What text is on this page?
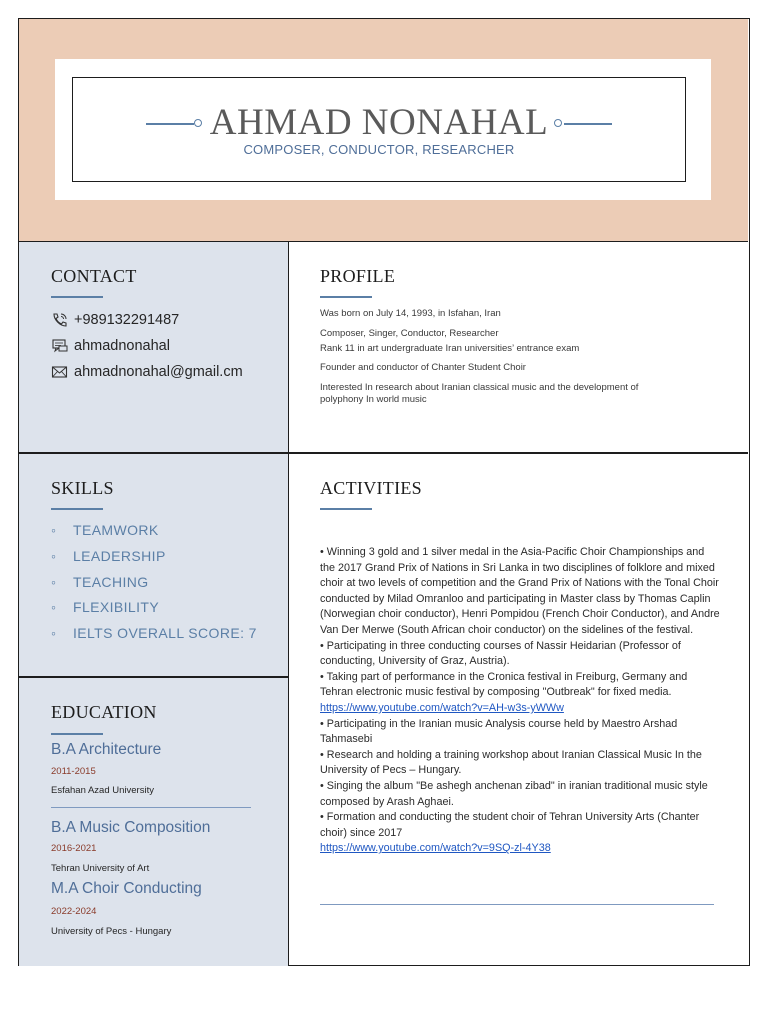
AHMAD NONAHAL
COMPOSER, CONDUCTOR, RESEARCHER
CONTACT
+989132291487
ahmadnonahal
ahmadnonahal@gmail.cm
SKILLS
◦ TEAMWORK
◦ LEADERSHIP
◦ TEACHING
◦ FLEXIBILITY
◦ IELTS OVERALL SCORE: 7
EDUCATION
B.A Architecture
2011-2015
Esfahan Azad University
B.A Music Composition
2016-2021
Tehran University of Art
M.A Choir Conducting
2022-2024
University of Pecs - Hungary
PROFILE
Was born on July 14, 1993, in Isfahan, Iran
Composer, Singer, Conductor, Researcher
Rank 11 in art undergraduate Iran universities’ entrance exam
Founder and conductor of Chanter Student Choir
Interested In research about Iranian classical music and the development of polyphony In world music
ACTIVITIES

• Winning 3 gold and 1 silver medal in the Asia-Pacific Choir Championships and the 2017 Grand Prix of Nations in Sri Lanka in two disciplines of folklore and mixed choir at two levels of competition and the Grand Prix of Nations with the Tonal Choir conducted by Milad Omranloo and participating in Master class by Thomas Caplin (Norwegian choir conductor), Henri Pompidou (French Choir Conductor), and Andre Van Der Merwe (South African choir conductor) on the sidelines of the festival.

• Participating in three conducting courses of Nassir Heidarian (Professor of conducting, University of Graz, Austria).

• Taking part of performance in the Cronica festival in Freiburg, Germany and Tehran electronic music festival by composing "Outbreak" for fixed media.

https://www.youtube.com/watch?v=AH-w3s-yWWw

• Participating in the Iranian music Analysis course held by Maestro Arshad Tahmasebi

• Research and holding a training workshop about Iranian Classical Music In the University of Pecs – Hungary.

• Singing the album "Be ashegh anchenan zibad" in iranian traditional music style composed by Arash Aghaei.

• Formation and conducting the student choir of Tehran University Arts (Chanter choir) since 2017

https://www.youtube.com/watch?v=9SQ-zl-4Y38
